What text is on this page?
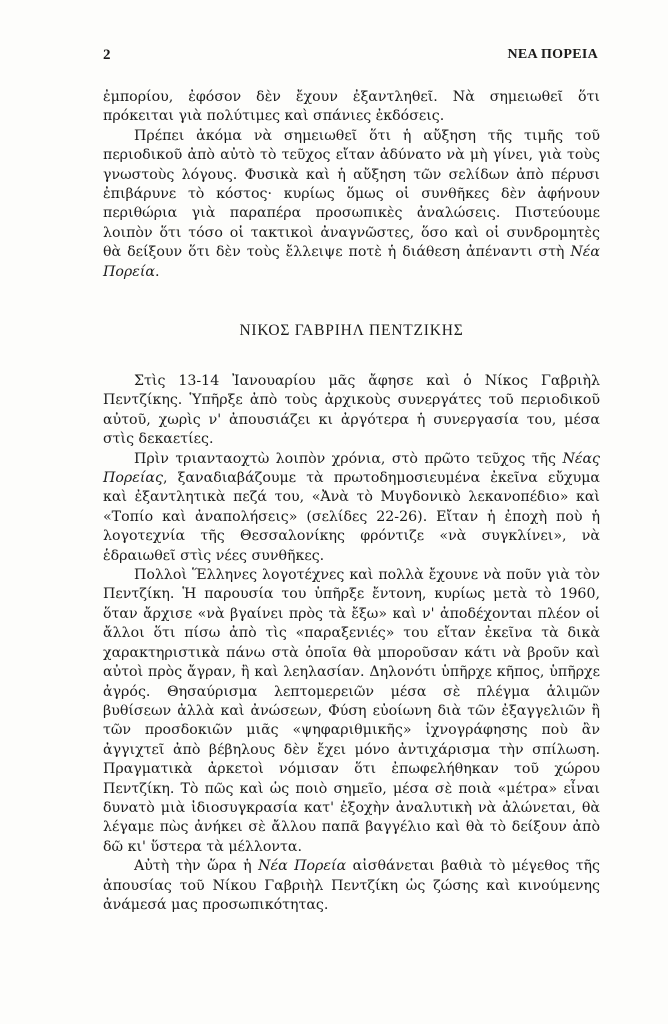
2	ΝΕΑ ΠΟΡΕΙΑ

ἐμπορίου, ἐφόσον δὲν ἔχουν ἐξαντληθεῖ. Νὰ σημειωθεῖ ὅτι πρόκειται γιὰ πολύτιμες καὶ σπάνιες ἐκδόσεις.

Πρέπει ἀκόμα νὰ σημειωθεῖ ὅτι ἡ αὔξηση τῆς τιμῆς τοῦ περιοδικοῦ ἀπὸ αὐτὸ τὸ τεῦχος εἴταν ἀδύνατο νὰ μὴ γίνει, γιὰ τοὺς γνωστοὺς λόγους. Φυσικὰ καὶ ἡ αὔξηση τῶν σελίδων ἀπὸ πέρυσι ἐπιβάρυνε τὸ κόστος· κυρίως ὅμως οἱ συνθῆκες δὲν ἀφήνουν περιθώρια γιὰ παραπέρα προσωπικὲς ἀναλώσεις. Πιστεύουμε λοιπὸν ὅτι τόσο οἱ τακτικοὶ ἀναγνῶστες, ὅσο καὶ οἱ συνδρομητὲς θὰ δείξουν ὅτι δὲν τοὺς ἔλλειψε ποτὲ ἡ διάθεση ἀπέναντι στὴ Νέα Πορεία.

ΝΙΚΟΣ ΓΑΒΡΙΗΛ ΠΕΝΤΖΙΚΗΣ

Στὶς 13-14 Ἰανουαρίου μᾶς ἄφησε καὶ ὁ Νίκος Γαβριὴλ Πεντζίκης. Ὑπῆρξε ἀπὸ τοὺς ἀρχικοὺς συνεργάτες τοῦ περιοδικοῦ αὐτοῦ, χωρὶς ν' ἀπουσιάζει κι ἀργότερα ἡ συνεργασία του, μέσα στὶς δεκαετίες.

Πρὶν τριανταοχτὼ λοιπὸν χρόνια, στὸ πρῶτο τεῦχος τῆς Νέας Πορείας, ξαναδιαβάζουμε τὰ πρωτοδημοσιευμένα ἐκεῖνα εὔχυμα καὶ ἐξαντλητικὰ πεζά του, «Ἀνὰ τὸ Μυγδονικὸ λεκανοπέδιο» καὶ «Τοπίο καὶ ἀναπολήσεις» (σελίδες 22-26). Εἴταν ἡ ἐποχὴ ποὺ ἡ λογοτεχνία τῆς Θεσσαλονίκης φρόντιζε «νὰ συγκλίνει», νὰ ἑδραιωθεῖ στὶς νέες συνθῆκες.

Πολλοὶ Ἕλληνες λογοτέχνες καὶ πολλὰ ἔχουνε νὰ ποῦν γιὰ τὸν Πεντζίκη. Ἡ παρουσία του ὑπῆρξε ἔντονη, κυρίως μετὰ τὸ 1960, ὅταν ἄρχισε «νὰ βγαίνει πρὸς τὰ ἔξω» καὶ ν' ἀποδέχονται πλέον οἱ ἄλλοι ὅτι πίσω ἀπὸ τὶς «παραξενιές» του εἴταν ἐκεῖνα τὰ δικὰ χαρακτηριστικὰ πάνω στὰ ὁποῖα θὰ μποροῦσαν κάτι νὰ βροῦν καὶ αὐτοὶ πρὸς ἄγραν, ἢ καὶ λεηλασίαν. Δηλονότι ὑπῆρχε κῆπος, ὑπῆρχε ἀγρός. Θησαύρισμα λεπτομερειῶν μέσα σὲ πλέγμα ἁλιμῶν βυθίσεων ἀλλὰ καὶ ἀνώσεων, Φύση εὐοίωνη διὰ τῶν ἐξαγγελιῶν ἢ τῶν προσδοκιῶν μιᾶς «ψηφαριθμικῆς» ἰχνογράφησης ποὺ ἂν ἀγγιχτεῖ ἀπὸ βέβηλους δὲν ἔχει μόνο ἀντιχάρισμα τὴν σπίλωση. Πραγματικὰ ἀρκετοὶ νόμισαν ὅτι ἐπωφελήθηκαν τοῦ χώρου Πεντζίκη. Τὸ πῶς καὶ ὡς ποιὸ σημεῖο, μέσα σὲ ποιὰ «μέτρα» εἶναι δυνατὸ μιὰ ἰδιοσυγκρασία κατ' ἐξοχὴν ἀναλυτικὴ νὰ ἀλώνεται, θὰ λέγαμε πὼς ἀνήκει σὲ ἄλλου παπᾶ βαγγέλιο καὶ θὰ τὸ δείξουν ἀπὸ δῶ κι' ὕστερα τὰ μέλλοντα.

Αὐτὴ τὴν ὥρα ἡ Νέα Πορεία αἰσθάνεται βαθιὰ τὸ μέγεθος τῆς ἀπουσίας τοῦ Νίκου Γαβριὴλ Πεντζίκη ὡς ζώσης καὶ κινούμενης ἀνάμεσά μας προσωπικότητας.
